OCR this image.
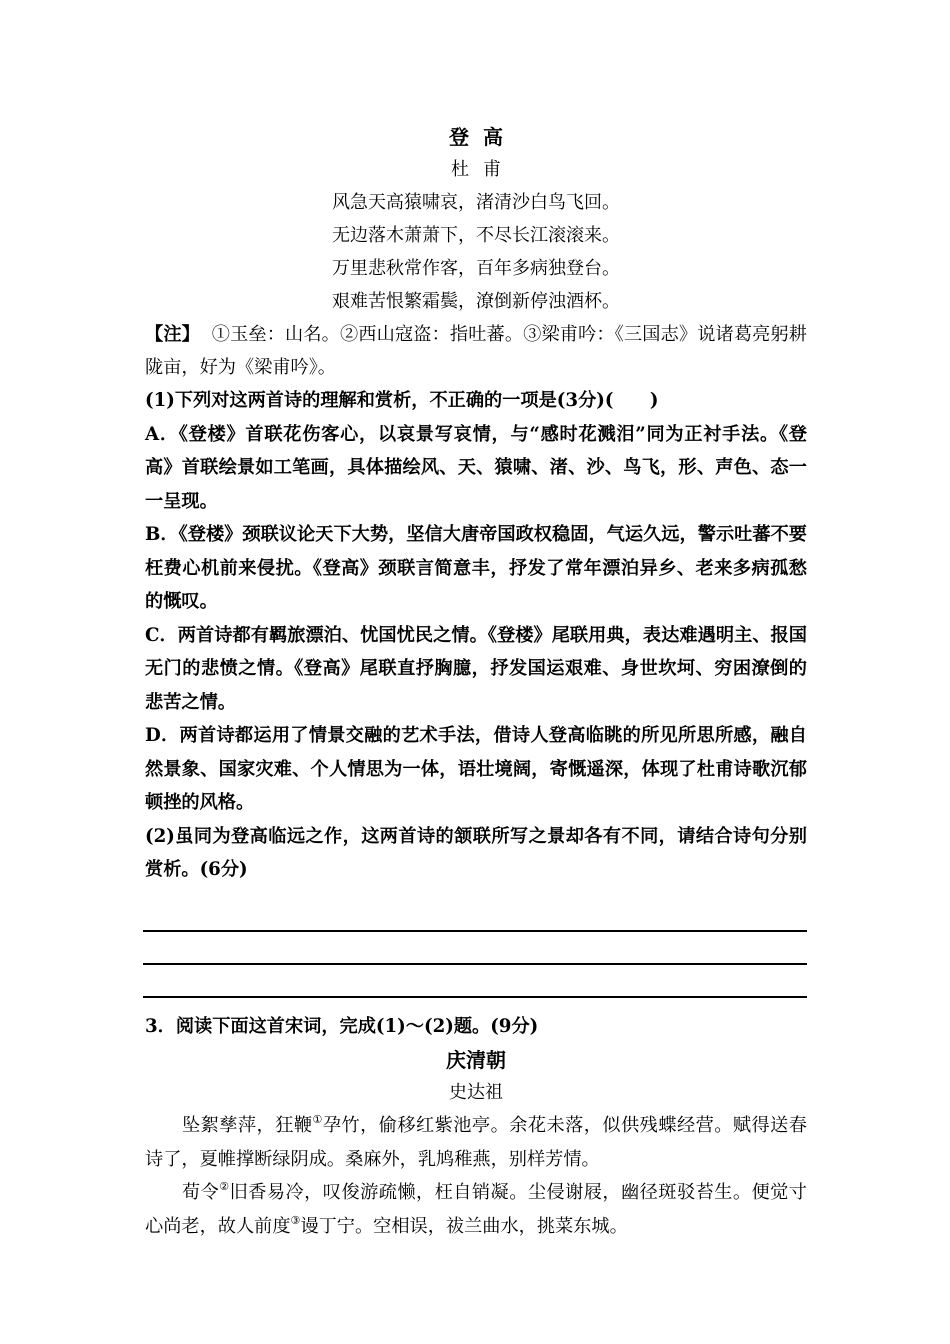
登高
杜甫
风急天高猿啸哀，渚清沙白鸟飞回。
无边落木萧萧下，不尽长江滚滚来。
万里悲秋常作客，百年多病独登台。
艰难苦恨繁霜鬓，潦倒新停浊酒杯。
【注】 ①玉垒：山名。②西山寇盗：指吐蕃。③梁甫吟：《三国志》说诸葛亮躬耕陇亩，好为《梁甫吟》。
(1)下列对这两首诗的理解和赏析，不正确的一项是(3分)(　　)
A．《登楼》首联花伤客心，以哀景写哀情，与“感时花溅泪”同为正衬手法。《登高》首联绘景如工笔画，具体描绘风、天、猿啸、渚、沙、鸟飞，形、声色、态一一呈现。
B．《登楼》颈联议论天下大势，坚信大唐帝国政权稳固，气运久远，警示吐蕃不要枉费心机前来侵扰。《登高》颈联言简意丰，抒发了常年漂泊异乡、老来多病孤愁的慨叹。
C．两首诗都有羁旅漂泊、忧国忧民之情。《登楼》尾联用典，表达难遇明主、报国无门的悲愤之情。《登高》尾联直抒胸臆，抒发国运艰难、身世坎坷、穷困潦倒的悲苦之情。
D．两首诗都运用了情景交融的艺术手法，借诗人登高临眺的所见所思所感，融自然景象、国家灾难、个人情思为一体，语壮境阔，寄慨遥深，体现了杜甫诗歌沉郁顿挫的风格。
(2)虽同为登高临远之作，这两首诗的颔联所写之景却各有不同，请结合诗句分别赏析。(6分)
3．阅读下面这首宋词，完成(1)～(2)题。(9分)
庆清朝
史达祖
坠絮孳萍，狂鞭①孕竹，偷移红紫池亭。余花未落，似供残蝶经营。赋得送春诗了，夏帷撑断绿阴成。桑麻外，乳鸠稚燕，别样芳情。
荀令②旧香易冷，叹俊游疏懒，枉自销凝。尘侵谢屐，幽径斑驳苔生。便觉寸心尚老，故人前度③谩丁宁。空相误，祓兰曲水，挑菜东城。
